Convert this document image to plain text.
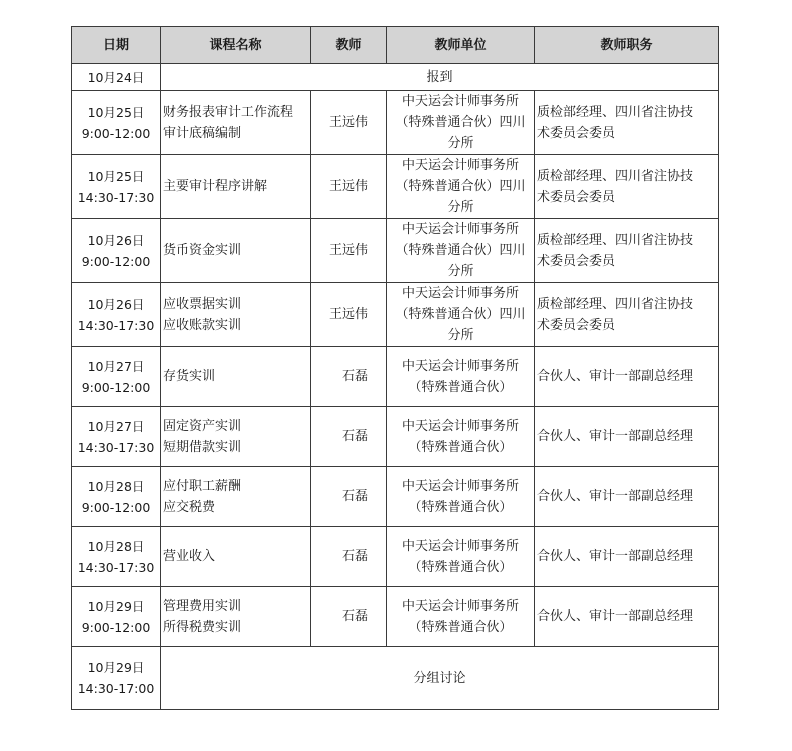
日期	课程名称	教师	教师单位	教师职务

10月24日	报到			

10月25日
9:00-12:00	财务报表审计工作流程
审计底稿编制	王远伟	中天运会计师事务所
（特殊普通合伙）四川
分所	质检部经理、四川省注协技
术委员会委员

10月25日
14:30-17:30	主要审计程序讲解	王远伟	中天运会计师事务所
（特殊普通合伙）四川
分所	质检部经理、四川省注协技
术委员会委员

10月26日
9:00-12:00	货币资金实训	王远伟	中天运会计师事务所
（特殊普通合伙）四川
分所	质检部经理、四川省注协技
术委员会委员

10月26日
14:30-17:30	应收票据实训
应收账款实训	王远伟	中天运会计师事务所
（特殊普通合伙）四川
分所	质检部经理、四川省注协技
术委员会委员

10月27日
9:00-12:00	存货实训	石磊	中天运会计师事务所
（特殊普通合伙）	合伙人、审计一部副总经理

10月27日
14:30-17:30	固定资产实训
短期借款实训	石磊	中天运会计师事务所
（特殊普通合伙）	合伙人、审计一部副总经理

10月28日
9:00-12:00	应付职工薪酬
应交税费	石磊	中天运会计师事务所
（特殊普通合伙）	合伙人、审计一部副总经理

10月28日
14:30-17:30	营业收入	石磊	中天运会计师事务所
（特殊普通合伙）	合伙人、审计一部副总经理

10月29日
9:00-12:00	管理费用实训
所得税费实训	石磊	中天运会计师事务所
（特殊普通合伙）	合伙人、审计一部副总经理

10月29日
14:30-17:00	分组讨论			
